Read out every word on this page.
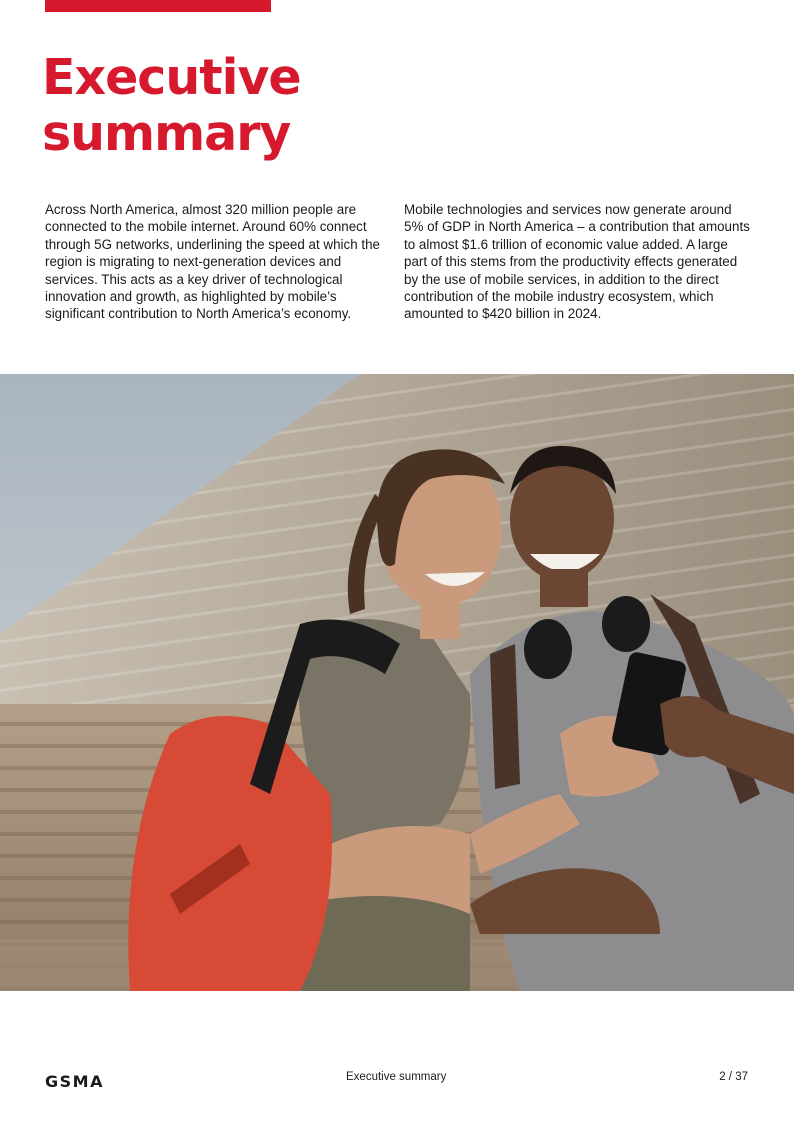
Executive
summary

Across North America, almost 320 million people are connected to the mobile internet. Around 60% connect through 5G networks, underlining the speed at which the region is migrating to next-generation devices and services. This acts as a key driver of technological innovation and growth, as highlighted by mobile’s significant contribution to North America’s economy.

Mobile technologies and services now generate around 5% of GDP in North America – a contribution that amounts to almost $1.6 trillion of economic value added. A large part of this stems from the productivity effects generated by the use of mobile services, in addition to the direct contribution of the mobile industry ecosystem, which amounted to $420 billion in 2024.

GSMA	Executive summary	2 / 37
